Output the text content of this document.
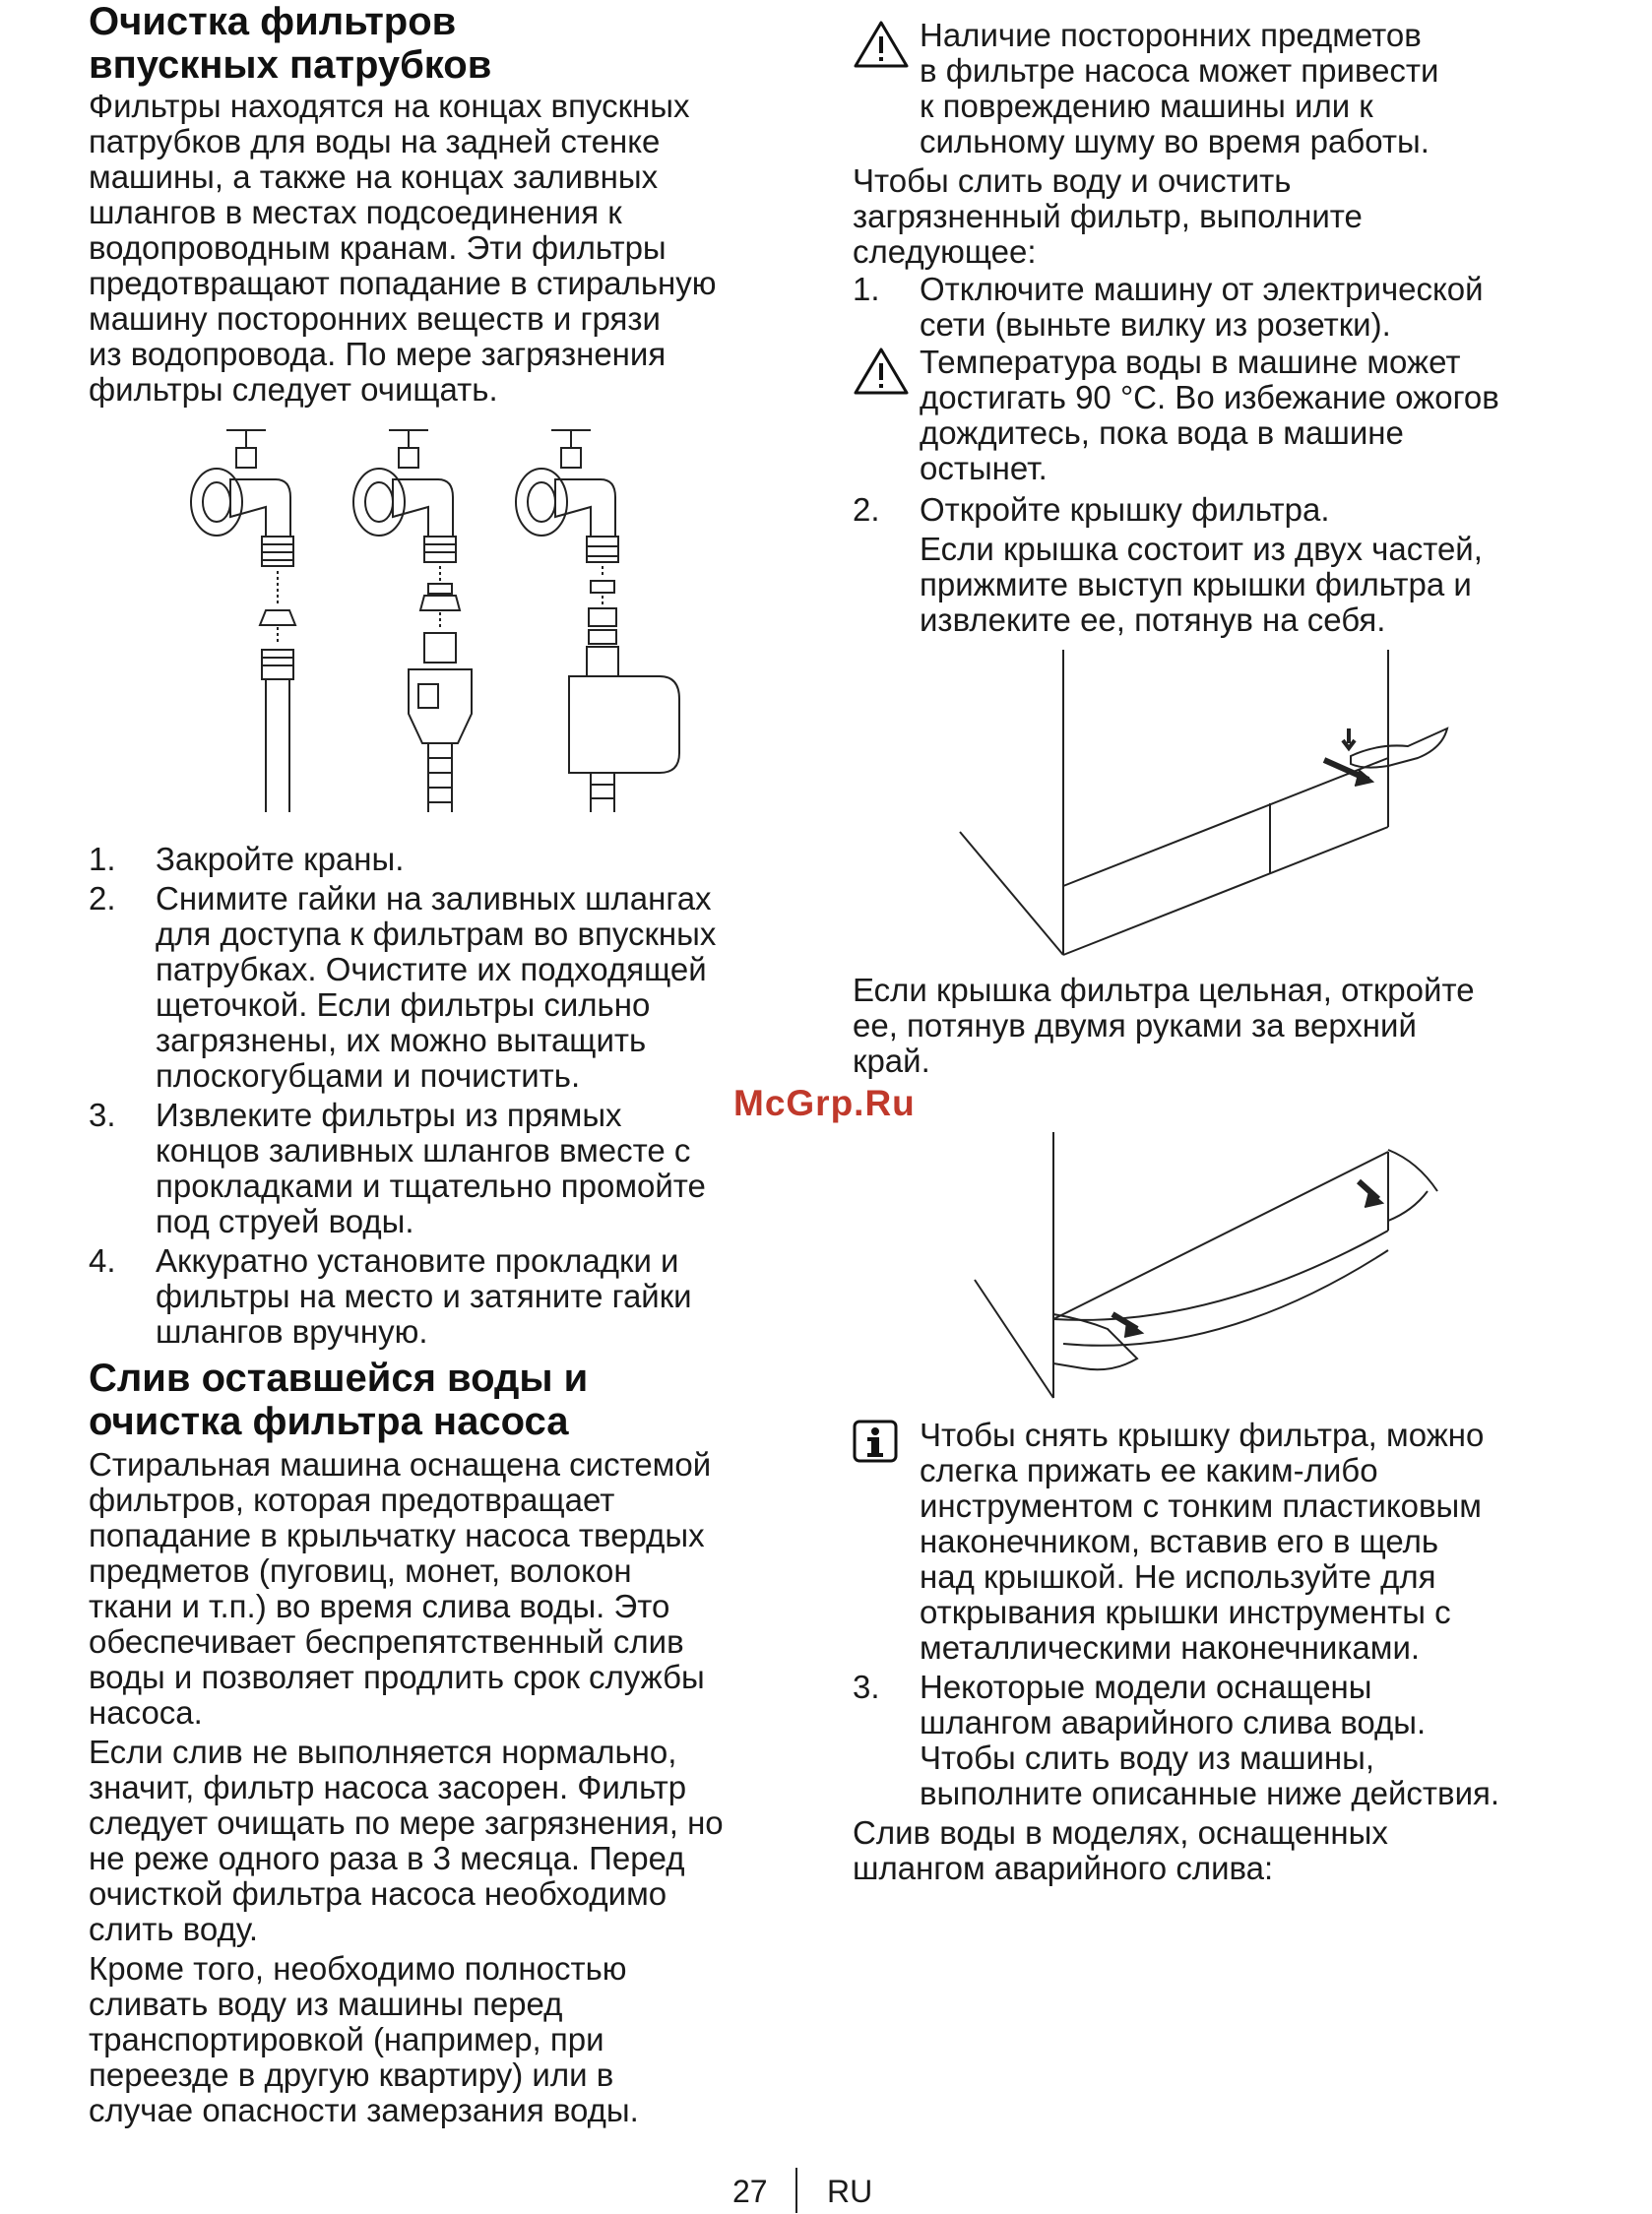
Очистка фильтров
впускных патрубков
Фильтры находятся на концах впускных
патрубков для воды на задней стенке
машины, а также на концах заливных
шлангов в местах подсоединения к
водопроводным кранам. Эти фильтры
предотвращают попадание в стиральную
машину посторонних веществ и грязи
из водопровода. По мере загрязнения
фильтры следует очищать.
1.	Закройте краны.
2.	Снимите гайки на заливных шлангах
для доступа к фильтрам во впускных
патрубках. Очистите их подходящей
щеточкой. Если фильтры сильно
загрязнены, их можно вытащить
плоскогубцами и почистить.
3.	Извлеките фильтры из прямых
концов заливных шлангов вместе с
прокладками и тщательно промойте
под струей воды.
4.	Аккуратно установите прокладки и
фильтры на место и затяните гайки
шлангов вручную.
Слив оставшейся воды и
очистка фильтра насоса
Стиральная машина оснащена системой
фильтров, которая предотвращает
попадание в крыльчатку насоса твердых
предметов (пуговиц, монет, волокон
ткани и т.п.) во время слива воды. Это
обеспечивает беспрепятственный слив
воды и позволяет продлить срок службы
насоса.
Если слив не выполняется нормально,
значит, фильтр насоса засорен. Фильтр
следует очищать по мере загрязнения, но
не реже одного раза в 3 месяца. Перед
очисткой фильтра насоса необходимо
слить воду.
Кроме того, необходимо полностью
сливать воду из машины перед
транспортировкой (например, при
переезде в другую квартиру) или в
случае опасности замерзания воды.
Наличие посторонних предметов
в фильтре насоса может привести
к повреждению машины или к
сильному шуму во время работы.
Чтобы слить воду и очистить
загрязненный фильтр, выполните
следующее:
1.	Отключите машину от электрической
сети (выньте вилку из розетки).
Температура воды в машине может
достигать 90 °С. Во избежание ожогов
дождитесь, пока вода в машине
остынет.
2.	Откройте крышку фильтра.
Если крышка состоит из двух частей,
прижмите выступ крышки фильтра и
извлеките ее, потянув на себя.
Если крышка фильтра цельная, откройте
ее, потянув двумя руками за верхний
край.
Чтобы снять крышку фильтра, можно
слегка прижать ее каким-либо
инструментом с тонким пластиковым
наконечником, вставив его в щель
над крышкой. Не используйте для
открывания крышки инструменты с
металлическими наконечниками.
3.	Некоторые модели оснащены
шлангом аварийного слива воды.
Чтобы слить воду из машины,
выполните описанные ниже действия.
Слив воды в моделях, оснащенных
шлангом аварийного слива:
McGrp.Ru
27 RU
